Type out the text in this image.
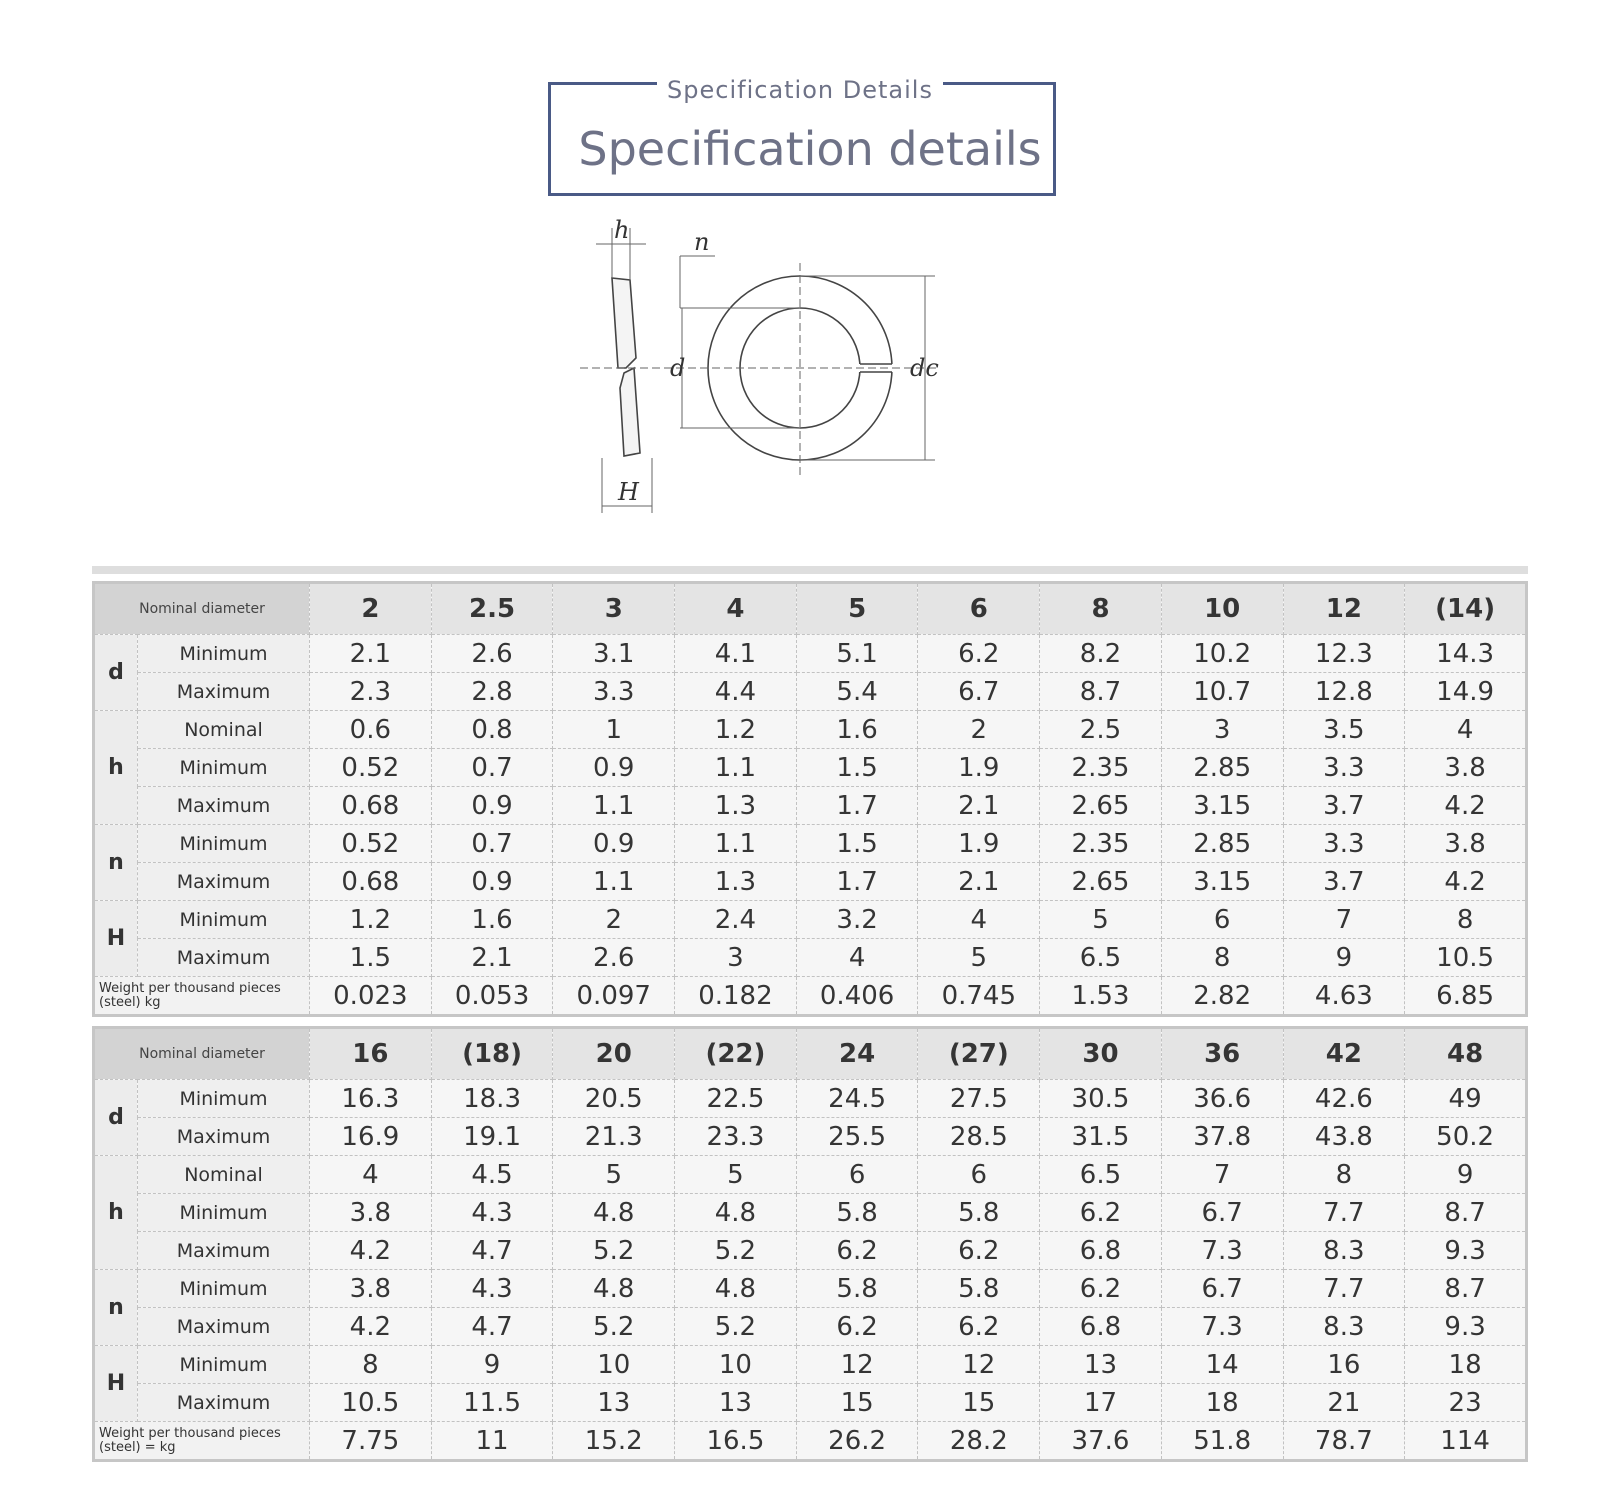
Specification Details
Specification details
h	n
d	dc
H
Nominal diameter		2	2.5	3	4	5	6	8	10	12	(14)
d	Minimum	2.1	2.6	3.1	4.1	5.1	6.2	8.2	10.2	12.3	14.3
	Maximum	2.3	2.8	3.3	4.4	5.4	6.7	8.7	10.7	12.8	14.9
h	Nominal	0.6	0.8	1	1.2	1.6	2	2.5	3	3.5	4
	Minimum	0.52	0.7	0.9	1.1	1.5	1.9	2.35	2.85	3.3	3.8
	Maximum	0.68	0.9	1.1	1.3	1.7	2.1	2.65	3.15	3.7	4.2
n	Minimum	0.52	0.7	0.9	1.1	1.5	1.9	2.35	2.85	3.3	3.8
	Maximum	0.68	0.9	1.1	1.3	1.7	2.1	2.65	3.15	3.7	4.2
H	Minimum	1.2	1.6	2	2.4	3.2	4	5	6	7	8
	Maximum	1.5	2.1	2.6	3	4	5	6.5	8	9	10.5
Weight per thousand pieces (steel) kg		0.023	0.053	0.097	0.182	0.406	0.745	1.53	2.82	4.63	6.85
Nominal diameter		16	(18)	20	(22)	24	(27)	30	36	42	48
d	Minimum	16.3	18.3	20.5	22.5	24.5	27.5	30.5	36.6	42.6	49
	Maximum	16.9	19.1	21.3	23.3	25.5	28.5	31.5	37.8	43.8	50.2
h	Nominal	4	4.5	5	5	6	6	6.5	7	8	9
	Minimum	3.8	4.3	4.8	4.8	5.8	5.8	6.2	6.7	7.7	8.7
	Maximum	4.2	4.7	5.2	5.2	6.2	6.2	6.8	7.3	8.3	9.3
n	Minimum	3.8	4.3	4.8	4.8	5.8	5.8	6.2	6.7	7.7	8.7
	Maximum	4.2	4.7	5.2	5.2	6.2	6.2	6.8	7.3	8.3	9.3
H	Minimum	8	9	10	10	12	12	13	14	16	18
	Maximum	10.5	11.5	13	13	15	15	17	18	21	23
Weight per thousand pieces (steel) = kg		7.75	11	15.2	16.5	26.2	28.2	37.6	51.8	78.7	114
